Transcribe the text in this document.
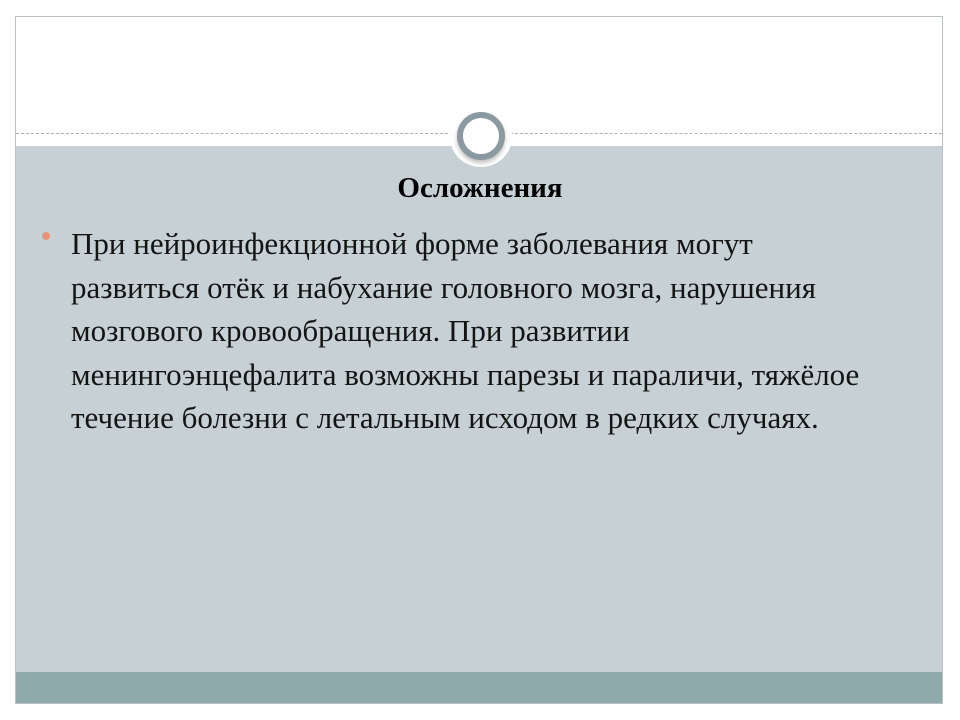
Осложнения
При нейроинфекционной форме заболевания могут развиться отёк и набухание головного мозга, нарушения мозгового кровообращения. При развитии менингоэнцефалита возможны парезы и параличи, тяжёлое течение болезни с летальным исходом в редких случаях.
